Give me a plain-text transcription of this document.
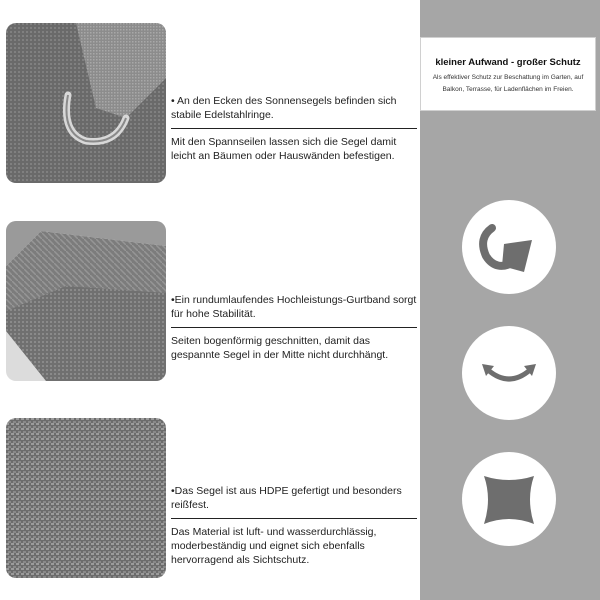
• An den Ecken des Sonnensegels befinden sich stabile Edelstahlringe.

Mit den Spannseilen lassen sich die Segel damit leicht an Bäumen oder Hauswänden befestigen.

•Ein rundumlaufendes Hochleistungs-Gurtband sorgt für hohe Stabilität.

Seiten bogenförmig geschnitten, damit das gespannte Segel in der Mitte nicht durchhängt.

•Das Segel ist aus HDPE gefertigt und besonders reißfest.

Das Material ist luft- und wasserdurchlässig, moderbeständig und eignet sich ebenfalls hervorragend als Sichtschutz.

kleiner Aufwand - großer Schutz
Als effektiver Schutz zur Beschattung im Garten, auf Balkon, Terrasse, für Ladenflächen im Freien.
